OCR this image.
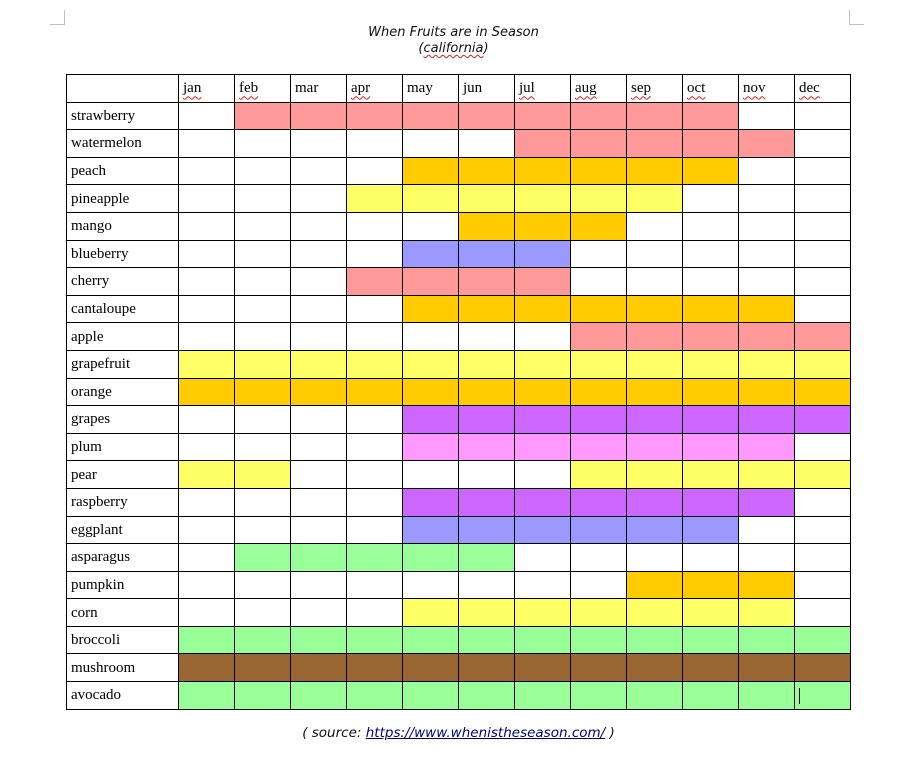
When Fruits are in Season
(california)
	jan	feb	mar	apr	may	jun	jul	aug	sep	oct	nov	dec
strawberry												
watermelon												
peach												
pineapple												
mango												
blueberry												
cherry												
cantaloupe												
apple												
grapefruit												
orange												
grapes												
plum												
pear												
raspberry												
eggplant												
asparagus												
pumpkin												
corn												
broccoli												
mushroom												
avocado												
( source: https://www.whenistheseason.com/ )
